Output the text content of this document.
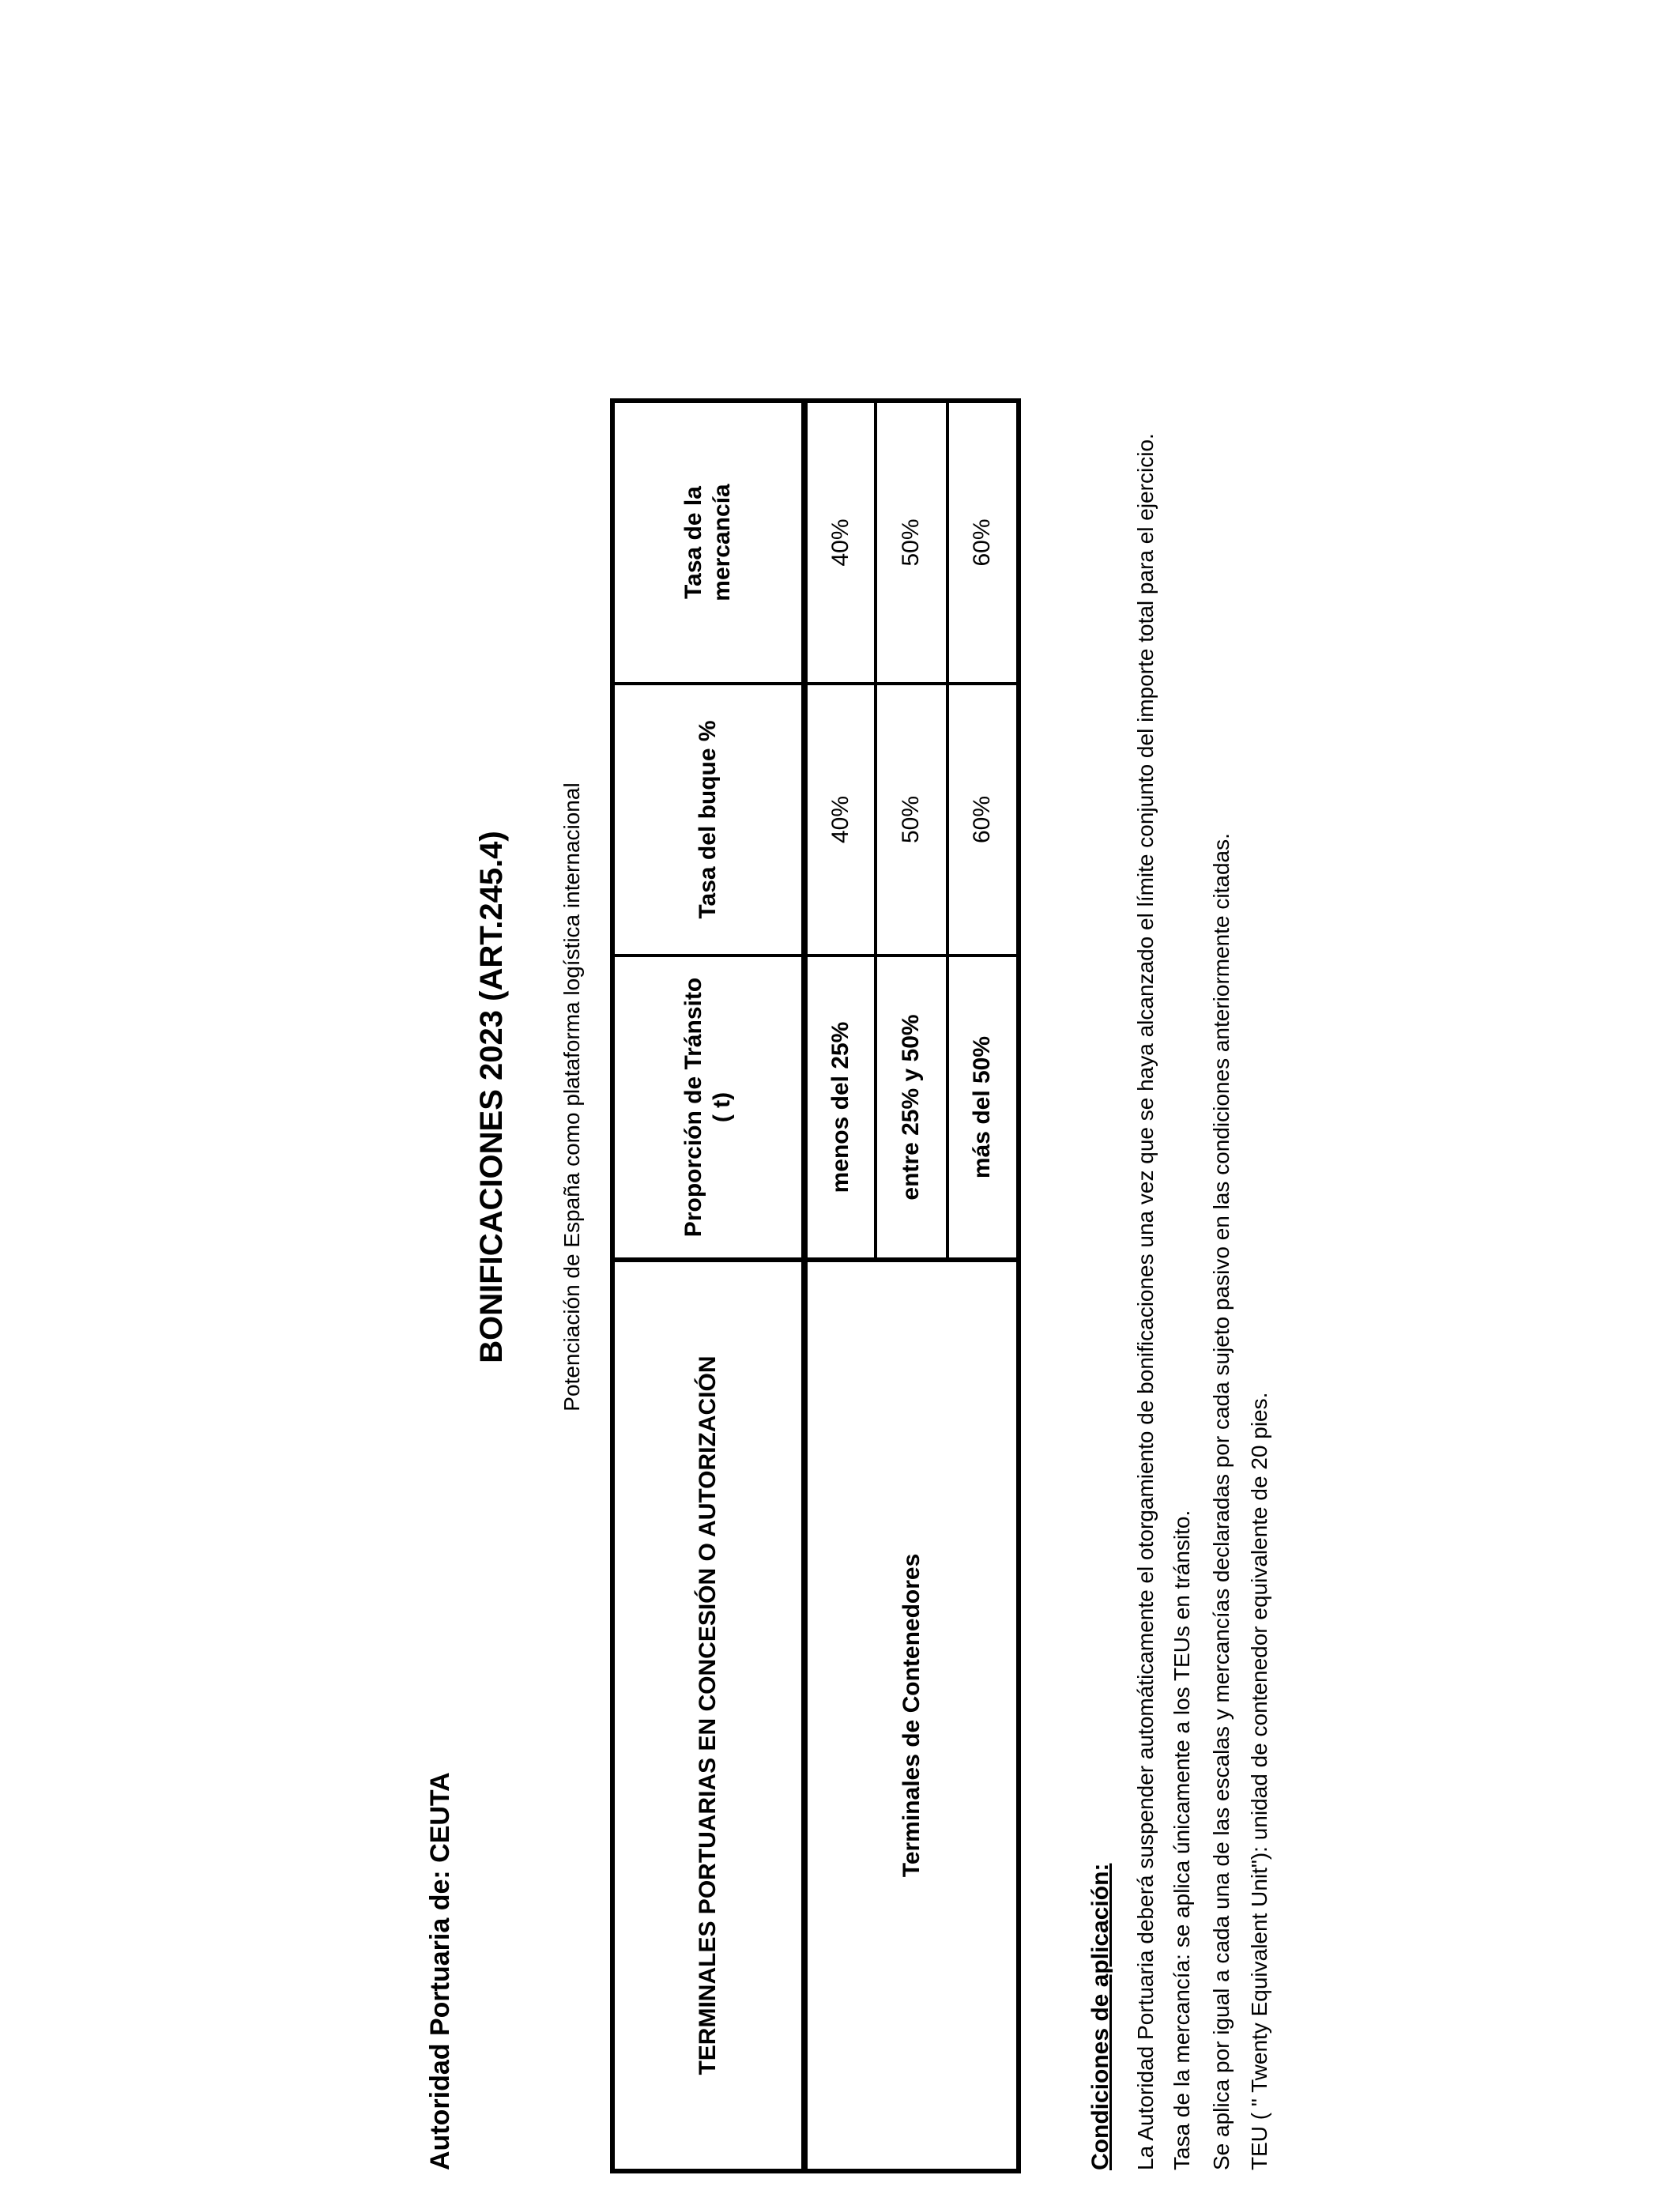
Autoridad Portuaria de: CEUTA
BONIFICACIONES 2023 (ART.245.4) Potenciación de España como plataforma logística internacional
TERMINALES PORTUARIAS EN CONCESIÓN O AUTORIZACIÓN	Proporción de Tránsito ( t)	Tasa del buque %	Tasa de la mercancía

Terminales de Contenedores	menos del 25%	40%	40%
	entre 25% y 50%	50%	50%
	más del 50%	60%	60%
Condiciones de aplicación: La Autoridad Portuaria deberá suspender automáticamente el otorgamiento de bonificaciones una vez que se haya alcanzado el límite conjunto del importe total para el ejercicio. Tasa de la mercancía: se aplica únicamente a los TEUs en tránsito. Se aplica por igual a cada una de las escalas y mercancías declaradas por cada sujeto pasivo en las condiciones anteriormente citadas. TEU ( " Twenty Equivalent Unit"): unidad de contenedor equivalente de 20 pies.
